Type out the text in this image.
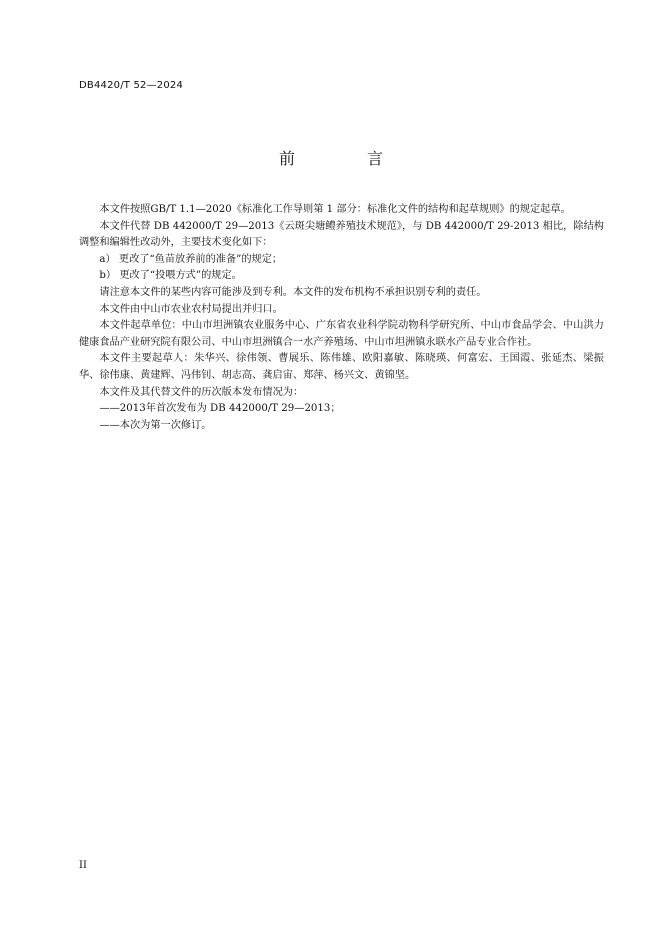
DB4420/T 52—2024
前　言

本文件按照GB/T 1.1—2020《标准化工作导则第 1 部分：标准化文件的结构和起草规则》的规定起草。

本文件代替 DB 442000/T 29—2013《云斑尖塘鳢养殖技术规范》，与 DB 442000/T 29-2013 相比，除结构调整和编辑性改动外，主要技术变化如下：

a） 更改了“鱼苗放养前的准备”的规定；

b） 更改了“投喂方式”的规定。

请注意本文件的某些内容可能涉及到专利。本文件的发布机构不承担识别专利的责任。

本文件由中山市农业农村局提出并归口。

本文件起草单位：中山市坦洲镇农业服务中心、广东省农业科学院动物科学研究所、中山市食品学会、中山洪力健康食品产业研究院有限公司、中山市坦洲镇合一水产养殖场、中山市坦洲镇永联水产品专业合作社。

本文件主要起草人：朱华兴、徐伟领、曹展乐、陈伟雄、欧阳嘉敏、陈晓瑛、何富宏、王国霞、张延杰、梁振华、徐伟康、黄建辉、冯伟钊、胡志高、龚启宙、郑萍、杨兴文、黄锦坚。

本文件及其代替文件的历次版本发布情况为：

——2013年首次发布为 DB 442000/T 29—2013；

——本次为第一次修订。

II
